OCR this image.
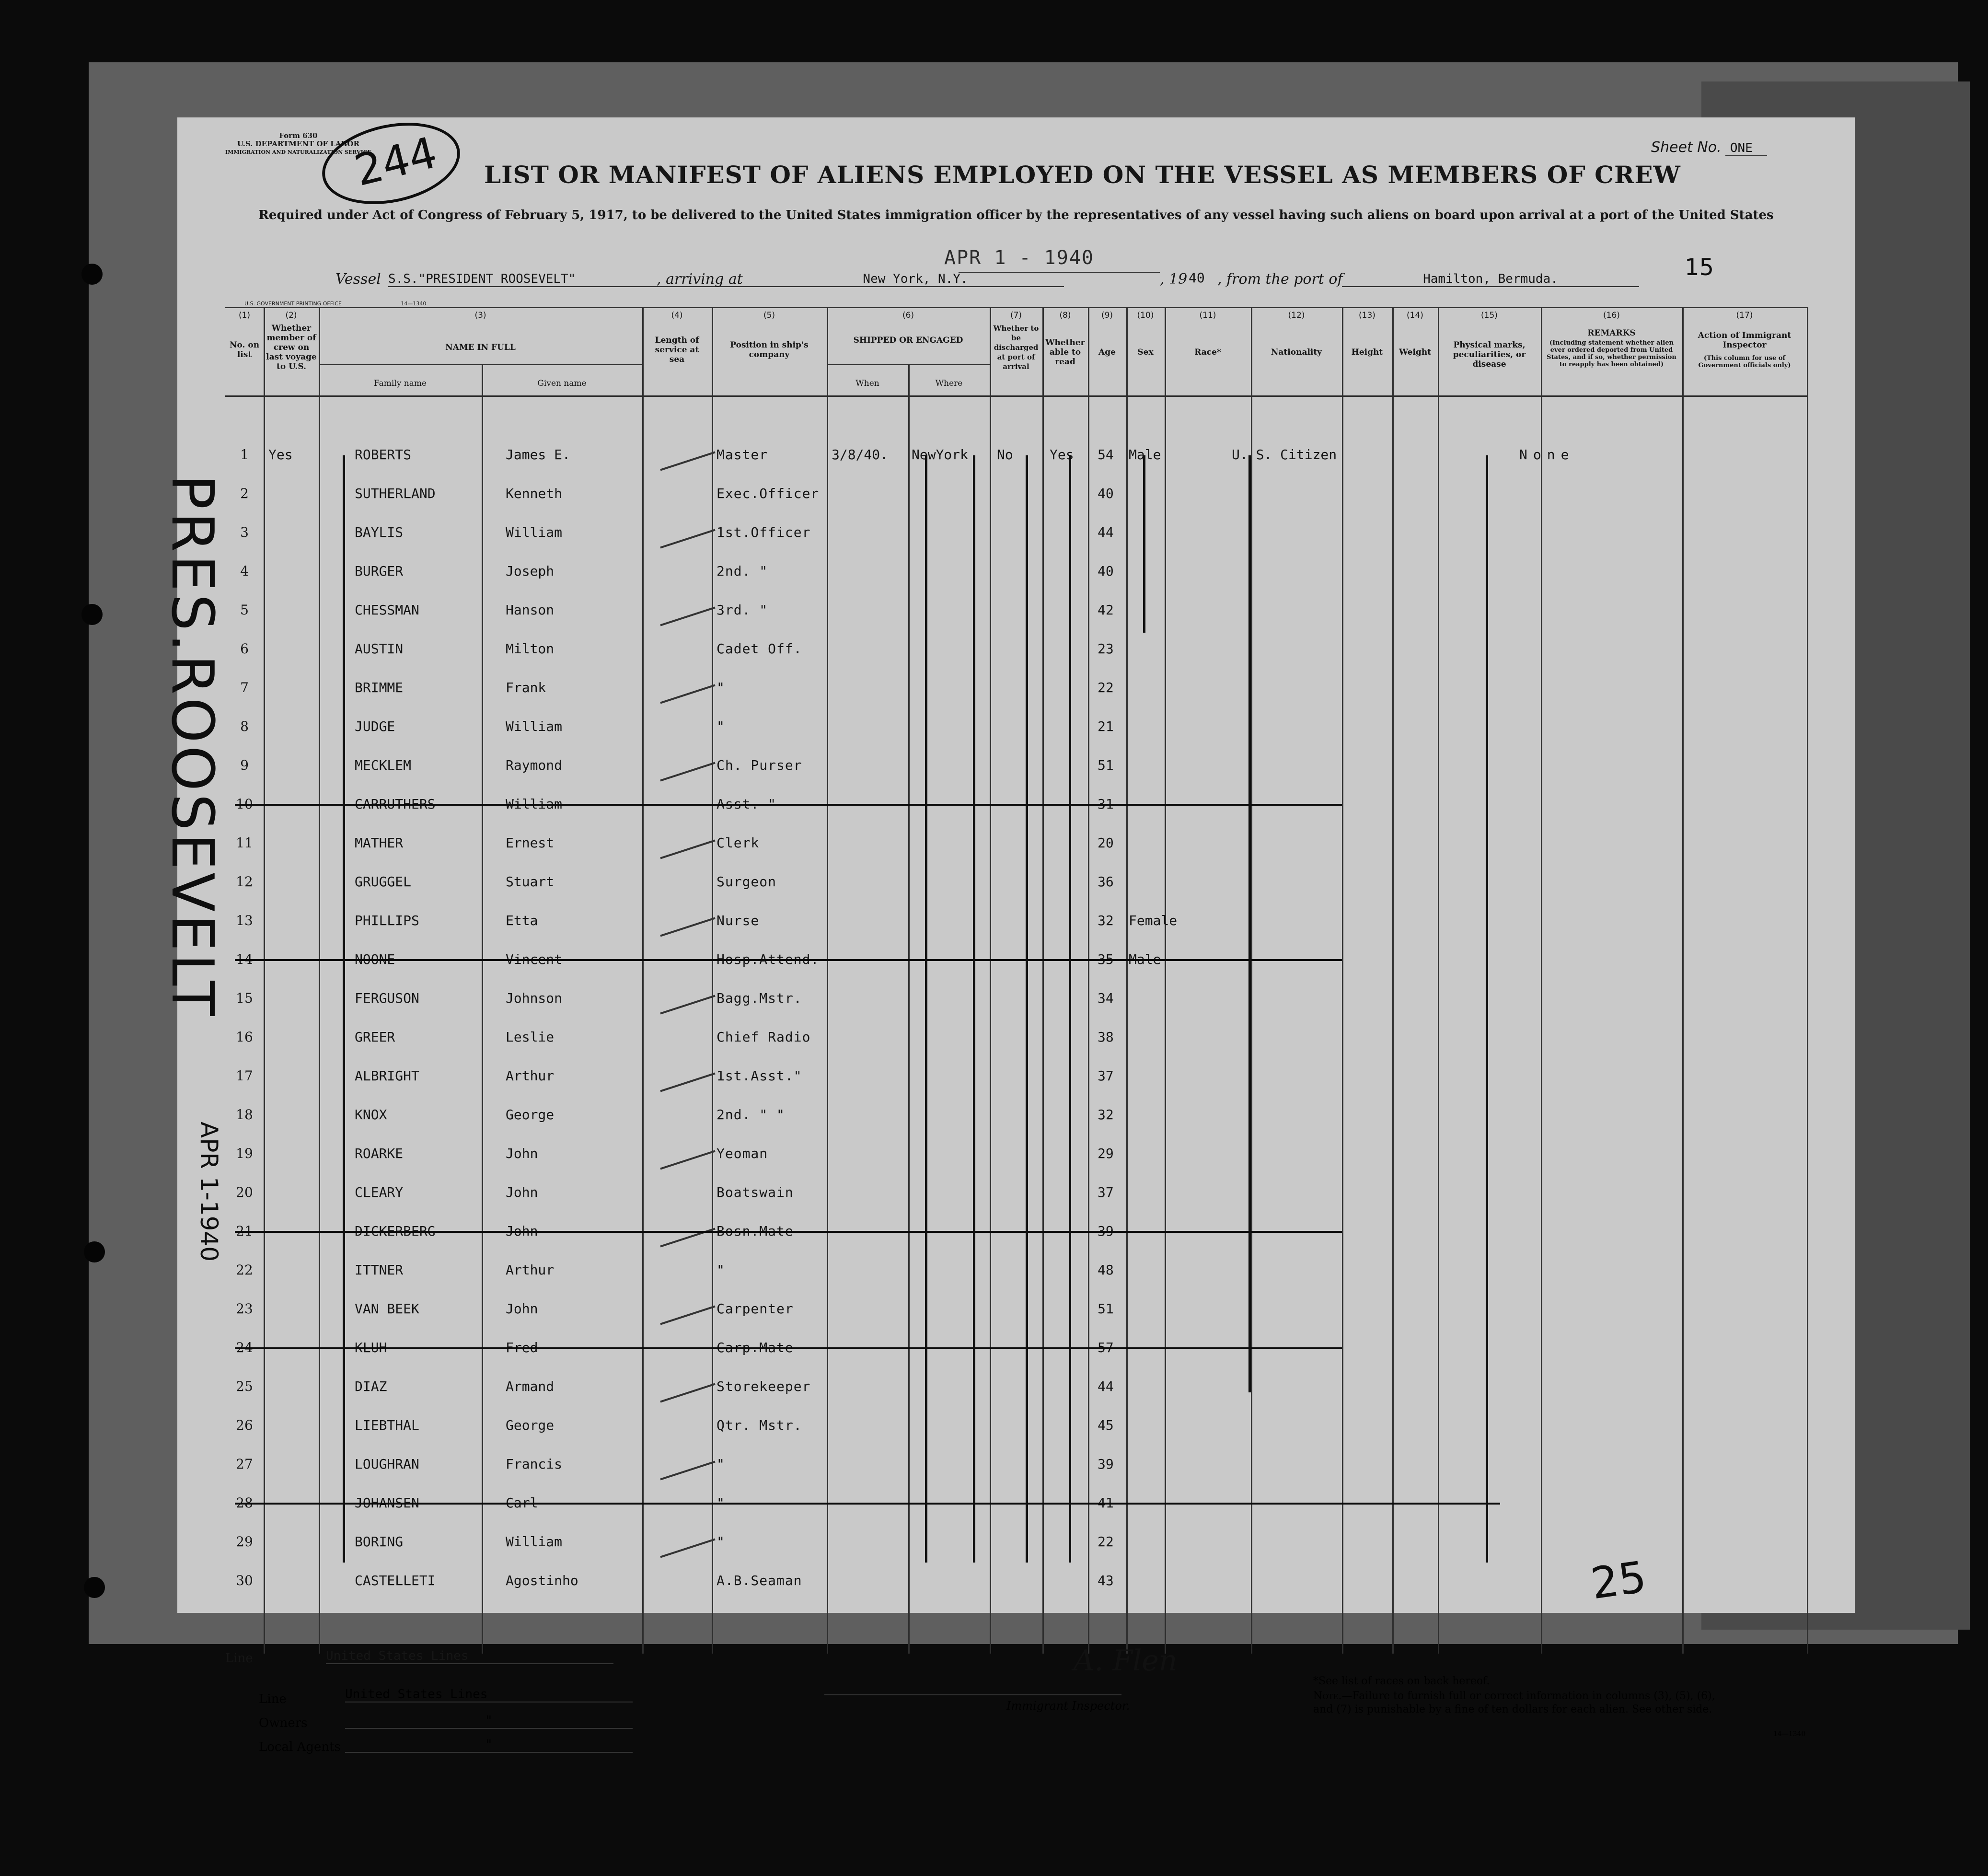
Form 630
U.S. DEPARTMENT OF LABOR
IMMIGRATION AND NATURALIZATION SERVICE	Sheet No. ONE
244 LIST OR MANIFEST OF ALIENS EMPLOYED ON THE VESSEL AS MEMBERS OF CREW
Required under Act of Congress of February 5, 1917, to be delivered to the United States immigration officer by the representatives of any vessel having such aliens on board upon arrival at a port of the United States
Vessel S.S."PRESIDENT ROOSEVELT"	, arriving at	New York, N.Y.
APR 1 - 1940
, 19 40 , from the port of	Hamilton, Bermuda.	15
U.S. GOVERNMENT PRINTING OFFICE	14—1340
(1)
No. on list
(2)
Whether member of crew on last voyage to U.S.
(3)
NAME IN FULL
Family name	Given name
(4)
Length of service at sea
(5)
Position in ship's company
(6)
SHIPPED OR ENGAGED
When	Where
(7)
Whether to be discharged at port of arrival
(8)
Whether able to read
(9)
Age
(10)
Sex
(11)
Race*
(12)
Nationality
(13)
Height
(14)
Weight
(15)
Physical marks, peculiarities, or disease
(16)
REMARKS
(Including statement whether alien ever ordered deported from United States, and if so, whether permission to reapply has been obtained)
(17)
Action of Immigrant Inspector
(This column for use of Government officials only)
1	Yes	ROBERTS	James E.	Master	3/8/40.	NewYork	No	Yes	54	Male	U. S. Citizen	None
2	SUTHERLAND	Kenneth	Exec.Officer	40
3	BAYLIS	William	1st.Officer	44
4	BURGER	Joseph	2nd. "	40
5	CHESSMAN	Hanson	3rd. "	42
6	AUSTIN	Milton	Cadet Off.	23
7	BRIMME	Frank	"	22
8	JUDGE	William	"	21
9	MECKLEM	Raymond	Ch. Purser	51
10	CARRUTHERS	William	Asst. "	31
11	MATHER	Ernest	Clerk	20
12	GRUGGEL	Stuart	Surgeon	36
13	PHILLIPS	Etta	Nurse	32	Female
14	NOONE	Vincent	Hosp.Attend.	35	Male
15	FERGUSON	Johnson	Bagg.Mstr.	34
16	GREER	Leslie	Chief Radio	38
17	ALBRIGHT	Arthur	1st.Asst."	37
18	KNOX	George	2nd. " "	32
19	ROARKE	John	Yeoman	29
20	CLEARY	John	Boatswain	37
21	DICKERBERG	John	Bosn.Mate	39
22	ITTNER	Arthur	"	48
23	VAN BEEK	John	Carpenter	51
24	KLUH	Fred	Carp.Mate	57
25	DIAZ	Armand	Storekeeper	44
26	LIEBTHAL	George	Qtr. Mstr.	45
27	LOUGHRAN	Francis	"	39
28	JOHANSEN	Carl	"	41
29	BORING	William	"	22
30	CASTELLETI	Agostinho	A.B.Seaman	43	25
Line	United States Lines
Line	United States Lines
Owners	"
Local Agents	"
A. Flen
Immigrant Inspector.
*See list of races on back hereof.
Note.—Failure to furnish full or correct information in columns (3), (5), (6), and (7) is punishable by a fine of ten dollars for each alien. See other side.
14—1340
PRES.ROOSEVELT
APR 1-1940
